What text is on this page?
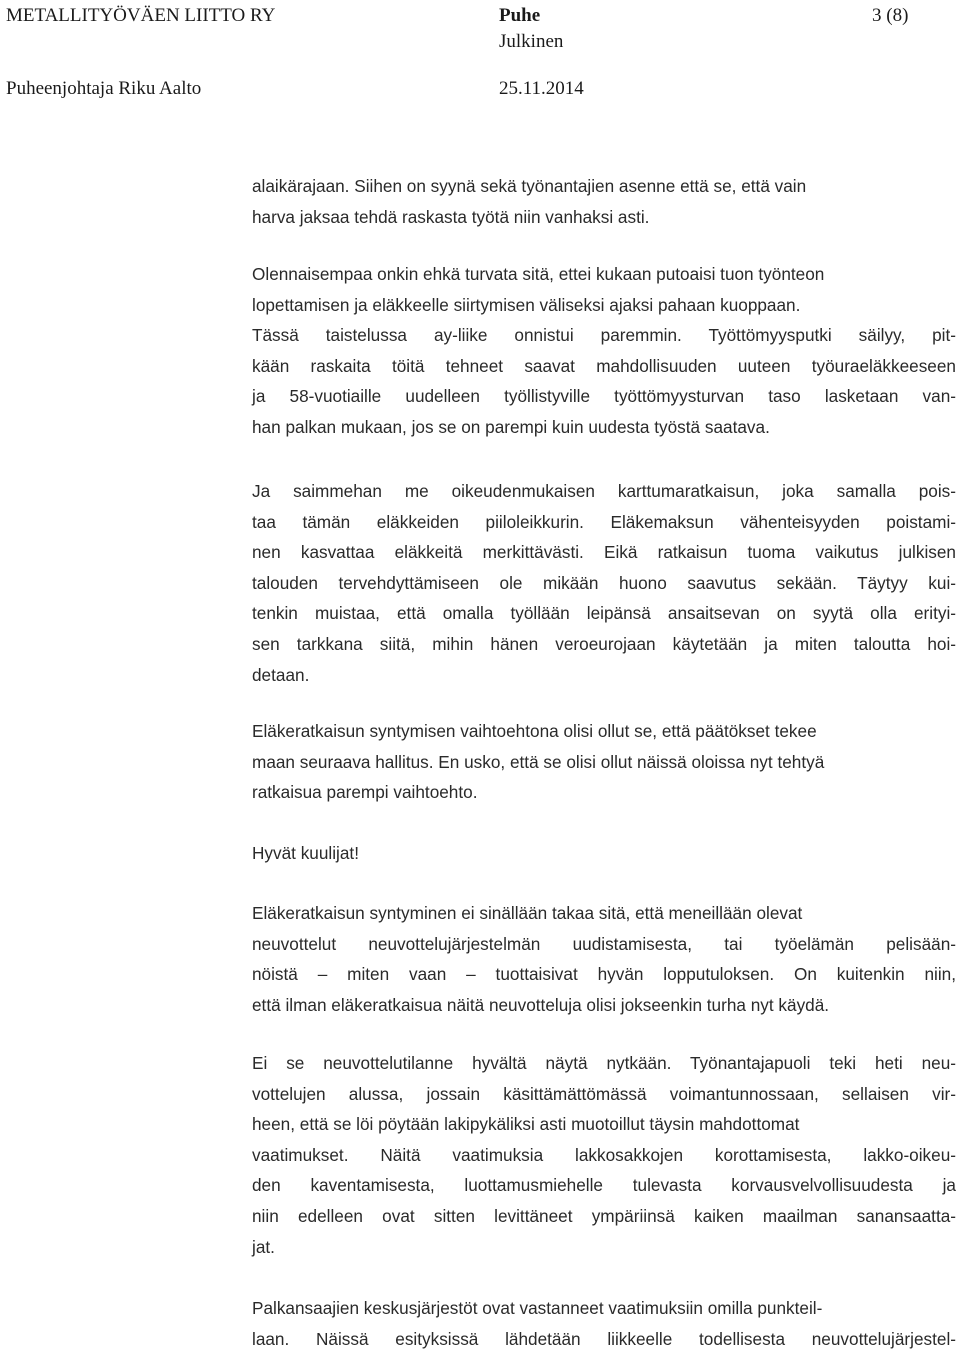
METALLITYÖVÄEN LIITTO RY	Puhe	3 (8)
Julkinen
Puheenjohtaja Riku Aalto	25.11.2014
alaikärajaan. Siihen on syynä sekä työnantajien asenne että se, että vain
harva jaksaa tehdä raskasta työtä niin vanhaksi asti.
Olennaisempaa onkin ehkä turvata sitä, ettei kukaan putoaisi tuon työnteon
lopettamisen ja eläkkeelle siirtymisen väliseksi ajaksi pahaan kuoppaan.
Tässä taistelussa ay-liike onnistui paremmin. Työttömyysputki säilyy, pit-
kään raskaita töitä tehneet saavat mahdollisuuden uuteen työuraeläkkeeseen
ja 58-vuotiaille uudelleen työllistyville työttömyysturvan taso lasketaan van-
han palkan mukaan, jos se on parempi kuin uudesta työstä saatava.
Ja saimmehan me oikeudenmukaisen karttumaratkaisun, joka samalla pois-
taa tämän eläkkeiden piiloleikkurin. Eläkemaksun vähenteisyyden poistami-
nen kasvattaa eläkkeitä merkittävästi. Eikä ratkaisun tuoma vaikutus julkisen
talouden tervehdyttämiseen ole mikään huono saavutus sekään. Täytyy kui-
tenkin muistaa, että omalla työllään leipänsä ansaitsevan on syytä olla erityi-
sen tarkkana siitä, mihin hänen veroeurojaan käytetään ja miten taloutta hoi-
detaan.
Eläkeratkaisun syntymisen vaihtoehtona olisi ollut se, että päätökset tekee
maan seuraava hallitus. En usko, että se olisi ollut näissä oloissa nyt tehtyä
ratkaisua parempi vaihtoehto.
Hyvät kuulijat!
Eläkeratkaisun syntyminen ei sinällään takaa sitä, että meneillään olevat
neuvottelut neuvottelujärjestelmän uudistamisesta, tai työelämän pelisään-
nöistä – miten vaan – tuottaisivat hyvän lopputuloksen. On kuitenkin niin,
että ilman eläkeratkaisua näitä neuvotteluja olisi jokseenkin turha nyt käydä.
Ei se neuvottelutilanne hyvältä näytä nytkään. Työnantajapuoli teki heti neu-
vottelujen alussa, jossain käsittämättömässä voimantunnossaan, sellaisen vir-
heen, että se löi pöytään lakipykäliksi asti muotoillut täysin mahdottomat
vaatimukset. Näitä vaatimuksia lakkosakkojen korottamisesta, lakko-oikeu-
den kaventamisesta, luottamusmiehelle tulevasta korvausvelvollisuudesta ja
niin edelleen ovat sitten levittäneet ympäriinsä kaiken maailman sanansaatta-
jat.
Palkansaajien keskusjärjestöt ovat vastanneet vaatimuksiin omilla punkteil-
laan. Näissä esityksissä lähdetään liikkeelle todellisesta neuvottelujärjestel-
